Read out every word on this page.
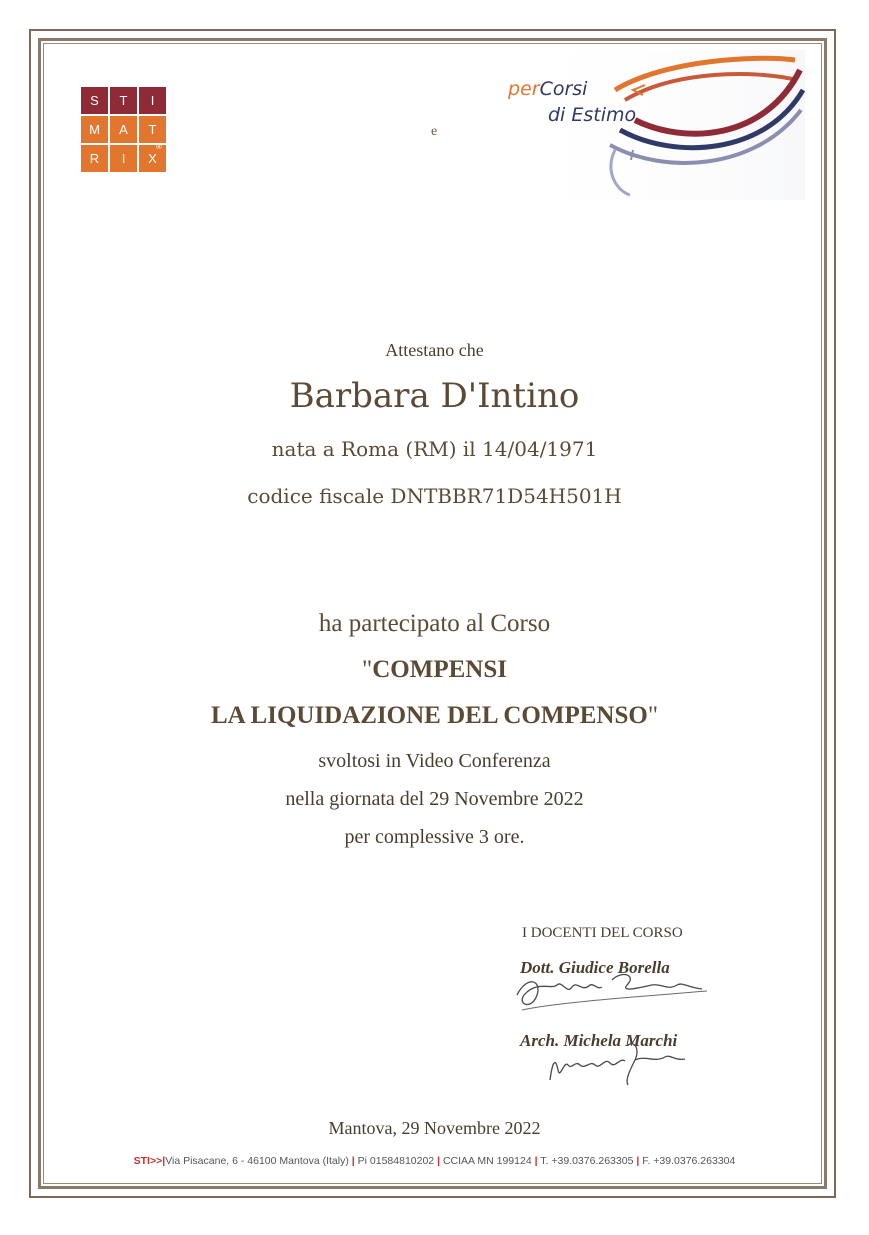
S	T	I
M	A	T
R	I	X
®
e
perCorsi
di Estimo
Attestano che
Barbara D'Intino
nata a Roma (RM) il 14/04/1971
codice fiscale DNTBBR71D54H501H
ha partecipato al Corso
"COMPENSI
LA LIQUIDAZIONE DEL COMPENSO"
svoltosi in Video Conferenza
nella giornata del 29 Novembre 2022
per complessive 3 ore.
I DOCENTI DEL CORSO
Dott. Giudice Borella
Arch. Michela Marchi
Mantova, 29 Novembre 2022
STI>>|Via Pisacane, 6 - 46100 Mantova (Italy) | Pi 01584810202 | CCIAA MN 199124 | T. +39.0376.263305 | F. +39.0376.263304
